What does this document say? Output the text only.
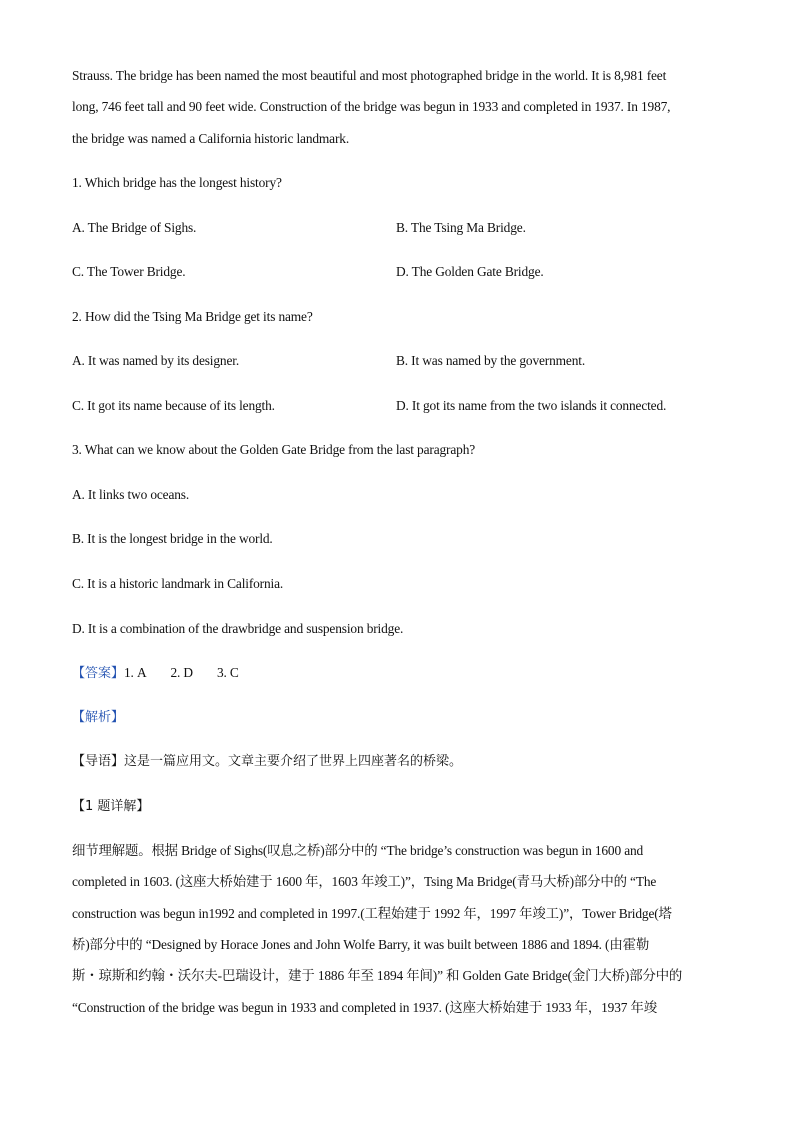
Strauss. The bridge has been named the most beautiful and most photographed bridge in the world. It is 8,981 feet
long, 746 feet tall and 90 feet wide. Construction of the bridge was begun in 1933 and completed in 1937. In 1987,
the bridge was named a California historic landmark.
1. Which bridge has the longest history?
A. The Bridge of Sighs.	B. The Tsing Ma Bridge.
C. The Tower Bridge.	D. The Golden Gate Bridge.
2. How did the Tsing Ma Bridge get its name?
A. It was named by its designer.	B. It was named by the government.
C. It got its name because of its length.	D. It got its name from the two islands it connected.
3. What can we know about the Golden Gate Bridge from the last paragraph?
A. It links two oceans.
B. It is the longest bridge in the world.
C. It is a historic landmark in California.
D. It is a combination of the drawbridge and suspension bridge.
【答案】1. A 2. D 3. C
【解析】
【导语】这是一篇应用文。文章主要介绍了世界上四座著名的桥梁。
【1 题详解】
细节理解题。根据 Bridge of Sighs(叹息之桥)部分中的 “The bridge’s construction was begun in 1600 and
completed in 1603. (这座大桥始建于 1600 年，1603 年竣工)”，Tsing Ma Bridge(青马大桥)部分中的 “The
construction was begun in1992 and completed in 1997.(工程始建于 1992 年，1997 年竣工)”，Tower Bridge(塔
桥)部分中的 “Designed by Horace Jones and John Wolfe Barry, it was built between 1886 and 1894. (由霍勒
斯・琼斯和约翰・沃尔夫-巴瑞设计，建于 1886 年至 1894 年间)” 和 Golden Gate Bridge(金门大桥)部分中的
“Construction of the bridge was begun in 1933 and completed in 1937. (这座大桥始建于 1933 年，1937 年竣
